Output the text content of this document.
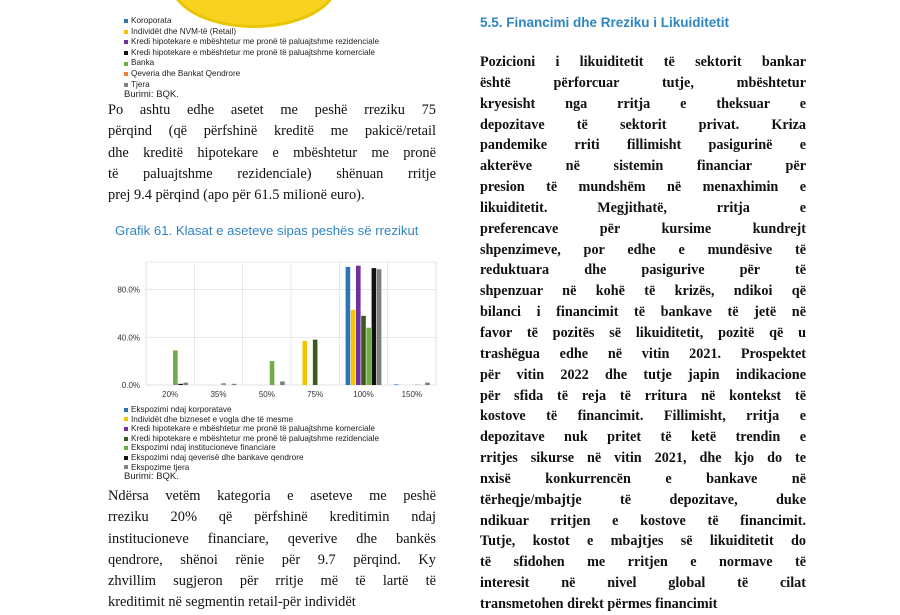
Koroporata
Individët dhe NVM-të (Retail)
Kredi hipotekare e mbështetur me pronë të paluajtshme rezidenciale
Kredi hipotekare e mbështetur me pronë të paluajtshme komerciale
Banka
Qeveria dhe Bankat Qendrore
Tjera
Burimi: BQK.

Po ashtu edhe asetet me peshë rreziku 75
përqind (që përfshinë kreditë me pakicë/retail
dhe kreditë hipotekare e mbështetur me pronë
të paluajtshme rezidenciale) shënuan rritje
prej 9.4 përqind (apo për 61.5 milionë euro).

Grafik 61. Klasat e aseteve sipas peshës së rrezikut

0.0%
40.0%
80.0%
20%	35%	50%	75%	100%	150%
Ekspozimi ndaj korporatave
Individët dhe bizneset e vogla dhe të mesme
Kredi hipotekare e mbështetur me pronë të paluajtshme komerciale
Kredi hipotekare e mbështetur me pronë të paluajtshme rezidenciale
Ekspozimi ndaj institucioneve financiare
Ekspozimi ndaj qeverisë dhe bankave qendrore
Ekspozime tjera
Burimi: BQK.

Ndërsa vetëm kategoria e aseteve me peshë
rreziku 20% që përfshinë kreditimin ndaj
institucioneve financiare, qeverive dhe bankës
qendrore, shënoi rënie për 9.7 përqind. Ky
zhvillim sugjeron për rritje më të lartë të
kreditimit në segmentin retail-për individët

5.5. Financimi dhe Rreziku i Likuiditetit

Pozicioni i likuiditetit të sektorit bankar
është përforcuar tutje, mbështetur
kryesisht nga rritja e theksuar e
depozitave të sektorit privat. Kriza
pandemike rriti fillimisht pasigurinë e
akterëve në sistemin financiar për
presion të mundshëm në menaxhimin e
likuiditetit. Megjithatë, rritja e
preferencave për kursime kundrejt
shpenzimeve, por edhe e mundësive të
reduktuara dhe pasigurive për të
shpenzuar në kohë të krizës, ndikoi që
bilanci i financimit të bankave të jetë në
favor të pozitës së likuiditetit, pozitë që u
trashëgua edhe në vitin 2021. Prospektet
për vitin 2022 dhe tutje japin indikacione
për sfida të reja të rritura në kontekst të
kostove të financimit. Fillimisht, rritja e
depozitave nuk pritet të ketë trendin e
rritjes sikurse në vitin 2021, dhe kjo do te
nxisë konkurrencën e bankave në
tërheqje/mbajtje të depozitave, duke
ndikuar rritjen e kostove të financimit.
Tutje, kostot e mbajtjes së likuiditetit do
të sfidohen me rritjen e normave të
interesit në nivel global të cilat
transmetohen direkt përmes financimit
